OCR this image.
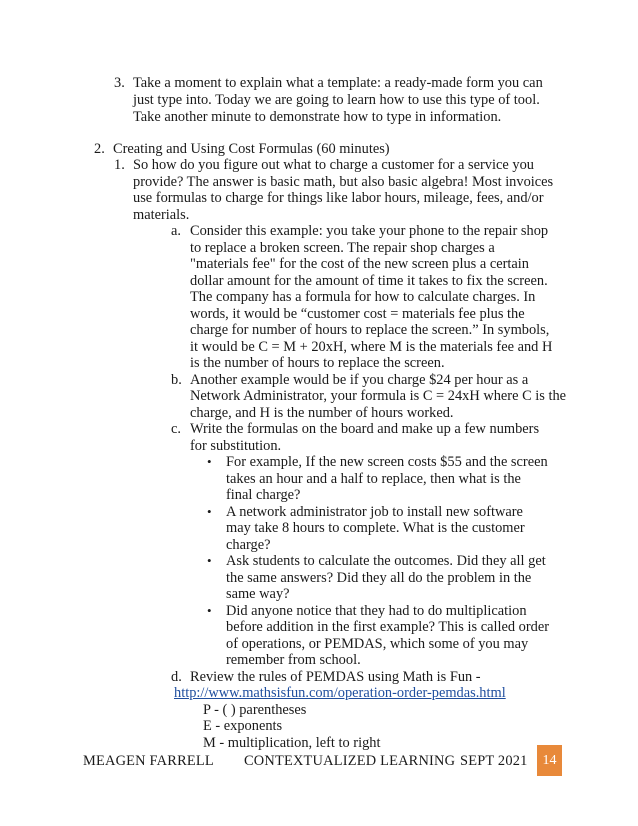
3. Take a moment to explain what a template: a ready-made form you can
just type into. Today we are going to learn how to use this type of tool.
Take another minute to demonstrate how to type in information.
2. Creating and Using Cost Formulas (60 minutes)
1. So how do you figure out what to charge a customer for a service you
provide? The answer is basic math, but also basic algebra! Most invoices
use formulas to charge for things like labor hours, mileage, fees, and/or
materials.
a. Consider this example: you take your phone to the repair shop
to replace a broken screen. The repair shop charges a
"materials fee" for the cost of the new screen plus a certain
dollar amount for the amount of time it takes to fix the screen.
The company has a formula for how to calculate charges. In
words, it would be “customer cost = materials fee plus the
charge for number of hours to replace the screen.” In symbols,
it would be C = M + 20xH, where M is the materials fee and H
is the number of hours to replace the screen.
b. Another example would be if you charge $24 per hour as a
Network Administrator, your formula is C = 24xH where C is the
charge, and H is the number of hours worked.
c. Write the formulas on the board and make up a few numbers
for substitution.
• For example, If the new screen costs $55 and the screen
takes an hour and a half to replace, then what is the
final charge?
• A network administrator job to install new software
may take 8 hours to complete. What is the customer
charge?
• Ask students to calculate the outcomes. Did they all get
the same answers? Did they all do the problem in the
same way?
• Did anyone notice that they had to do multiplication
before addition in the first example? This is called order
of operations, or PEMDAS, which some of you may
remember from school.
d. Review the rules of PEMDAS using Math is Fun -
http://www.mathsisfun.com/operation-order-pemdas.html
P - ( ) parentheses
E - exponents
M - multiplication, left to right
MEAGEN FARRELL CONTEXTUALIZED LEARNING SEPT 2021	14
